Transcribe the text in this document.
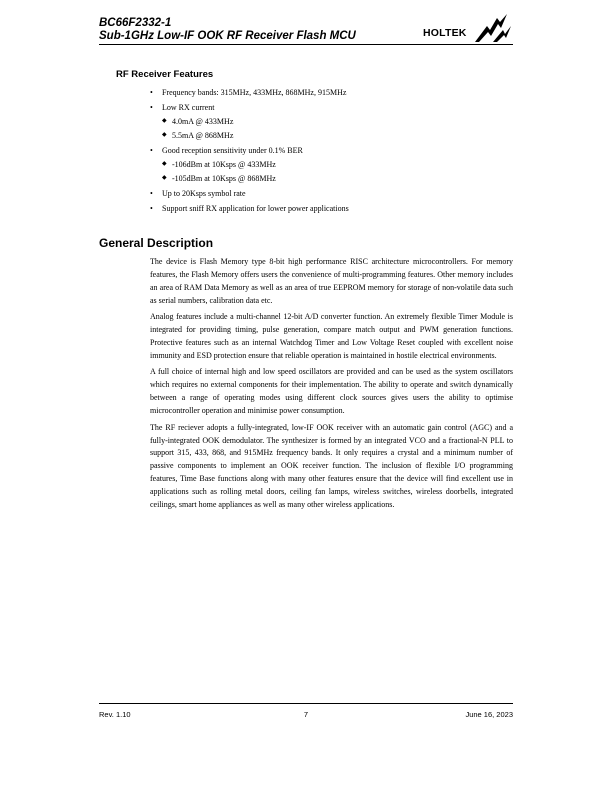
BC66F2332-1
Sub-1GHz Low-IF OOK RF Receiver Flash MCU	HOLTEK
RF Receiver Features
• Frequency bands: 315MHz, 433MHz, 868MHz, 915MHz
• Low RX current
◆ 4.0mA @ 433MHz
◆ 5.5mA @ 868MHz
• Good reception sensitivity under 0.1% BER
◆ -106dBm at 10Ksps @ 433MHz
◆ -105dBm at 10Ksps @ 868MHz
• Up to 20Ksps symbol rate
• Support sniff RX application for lower power applications
General Description

The device is Flash Memory type 8-bit high performance RISC architecture microcontrollers. For memory features, the Flash Memory offers users the convenience of multi-programming features. Other memory includes an area of RAM Data Memory as well as an area of true EEPROM memory for storage of non-volatile data such as serial numbers, calibration data etc.

Analog features include a multi-channel 12-bit A/D converter function. An extremely flexible Timer Module is integrated for providing timing, pulse generation, compare match output and PWM generation functions. Protective features such as an internal Watchdog Timer and Low Voltage Reset coupled with excellent noise immunity and ESD protection ensure that reliable operation is maintained in hostile electrical environments.

A full choice of internal high and low speed oscillators are provided and can be used as the system oscillators which requires no external components for their implementation. The ability to operate and switch dynamically between a range of operating modes using different clock sources gives users the ability to optimise microcontroller operation and minimise power consumption.

The RF reciever adopts a fully-integrated, low-IF OOK receiver with an automatic gain control (AGC) and a fully-integrated OOK demodulator. The synthesizer is formed by an integrated VCO and a fractional-N PLL to support 315, 433, 868, and 915MHz frequency bands. It only requires a crystal and a minimum number of passive components to implement an OOK receiver function. The inclusion of flexible I/O programming features, Time Base functions along with many other features ensure that the device will find excellent use in applications such as rolling metal doors, ceiling fan lamps, wireless switches, wireless doorbells, integrated ceilings, smart home appliances as well as many other wireless applications.

Rev. 1.10	7	June 16, 2023
